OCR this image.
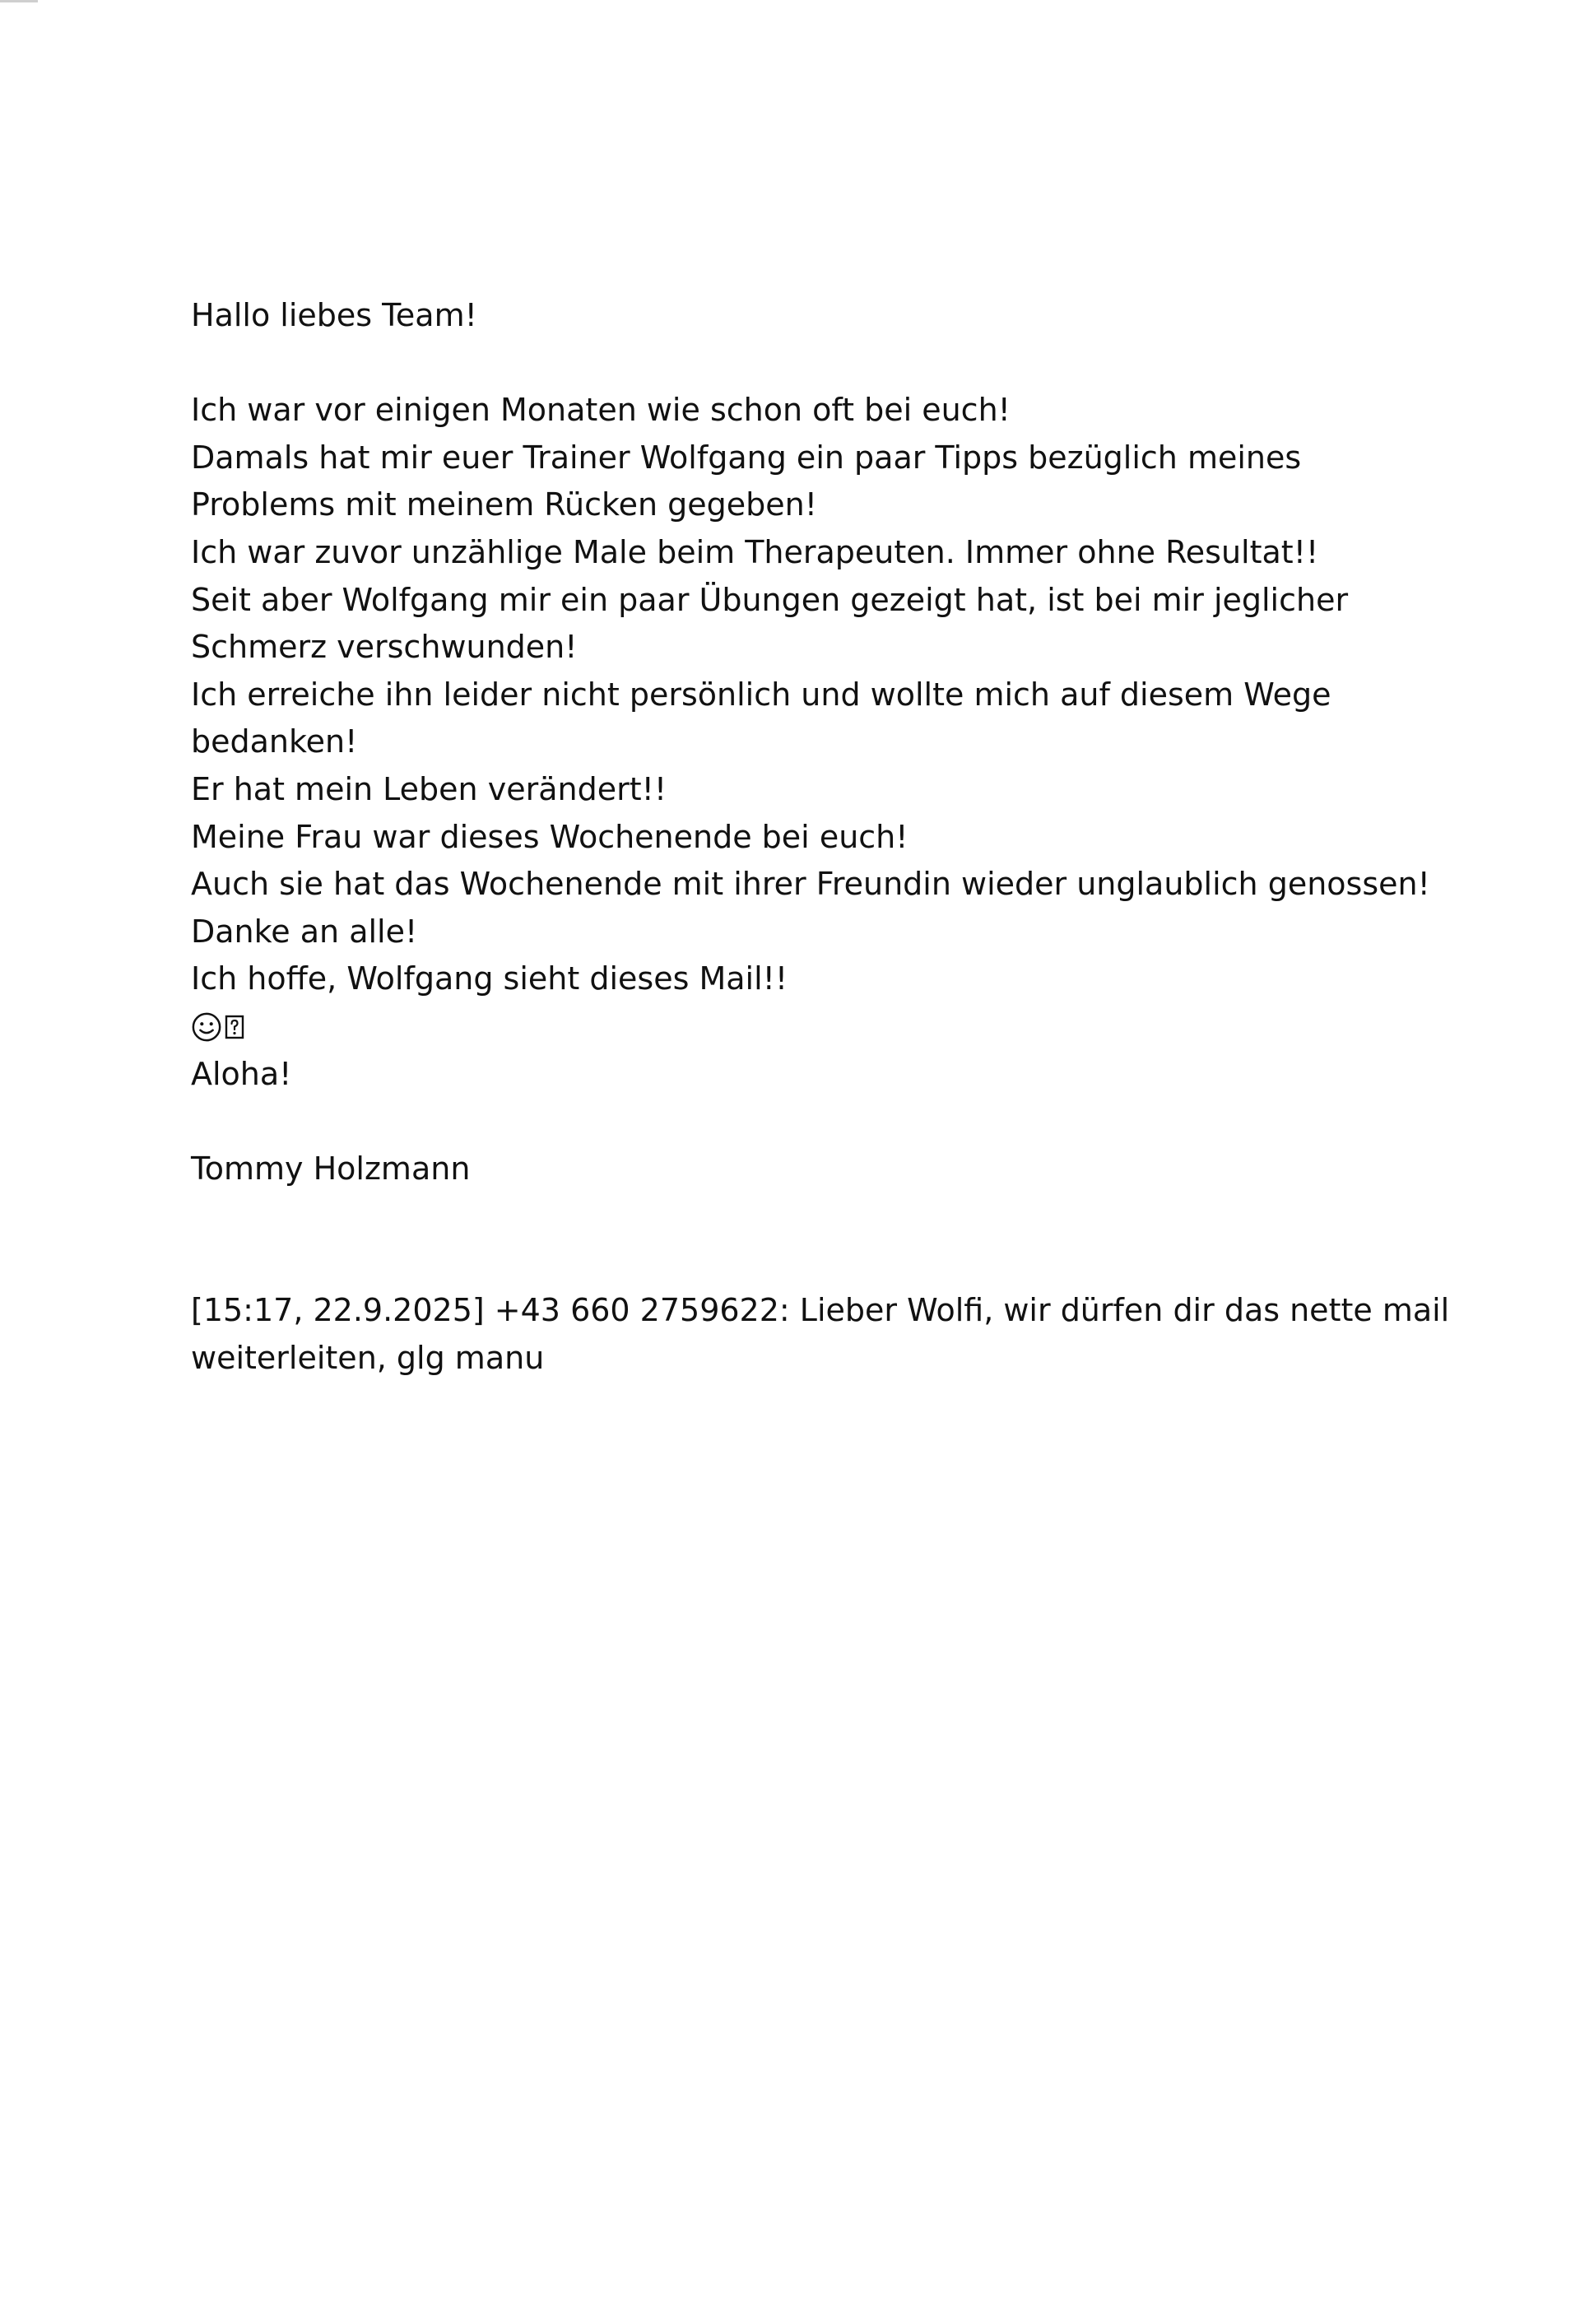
Hallo liebes Team!
Ich war vor einigen Monaten wie schon oft bei euch!
Damals hat mir euer Trainer Wolfgang ein paar Tipps bezüglich meines
Problems mit meinem Rücken gegeben!
Ich war zuvor unzählige Male beim Therapeuten. Immer ohne Resultat!!
Seit aber Wolfgang mir ein paar Übungen gezeigt hat, ist bei mir jeglicher
Schmerz verschwunden!
Ich erreiche ihn leider nicht persönlich und wollte mich auf diesem Wege
bedanken!
Er hat mein Leben verändert!!
Meine Frau war dieses Wochenende bei euch!
Auch sie hat das Wochenende mit ihrer Freundin wieder unglaublich genossen!
Danke an alle!
Ich hoffe, Wolfgang sieht dieses Mail!!
Aloha!
Tommy Holzmann
[15:17, 22.9.2025] +43 660 2759622: Lieber Wolfi, wir dürfen dir das nette mail
weiterleiten, glg manu
